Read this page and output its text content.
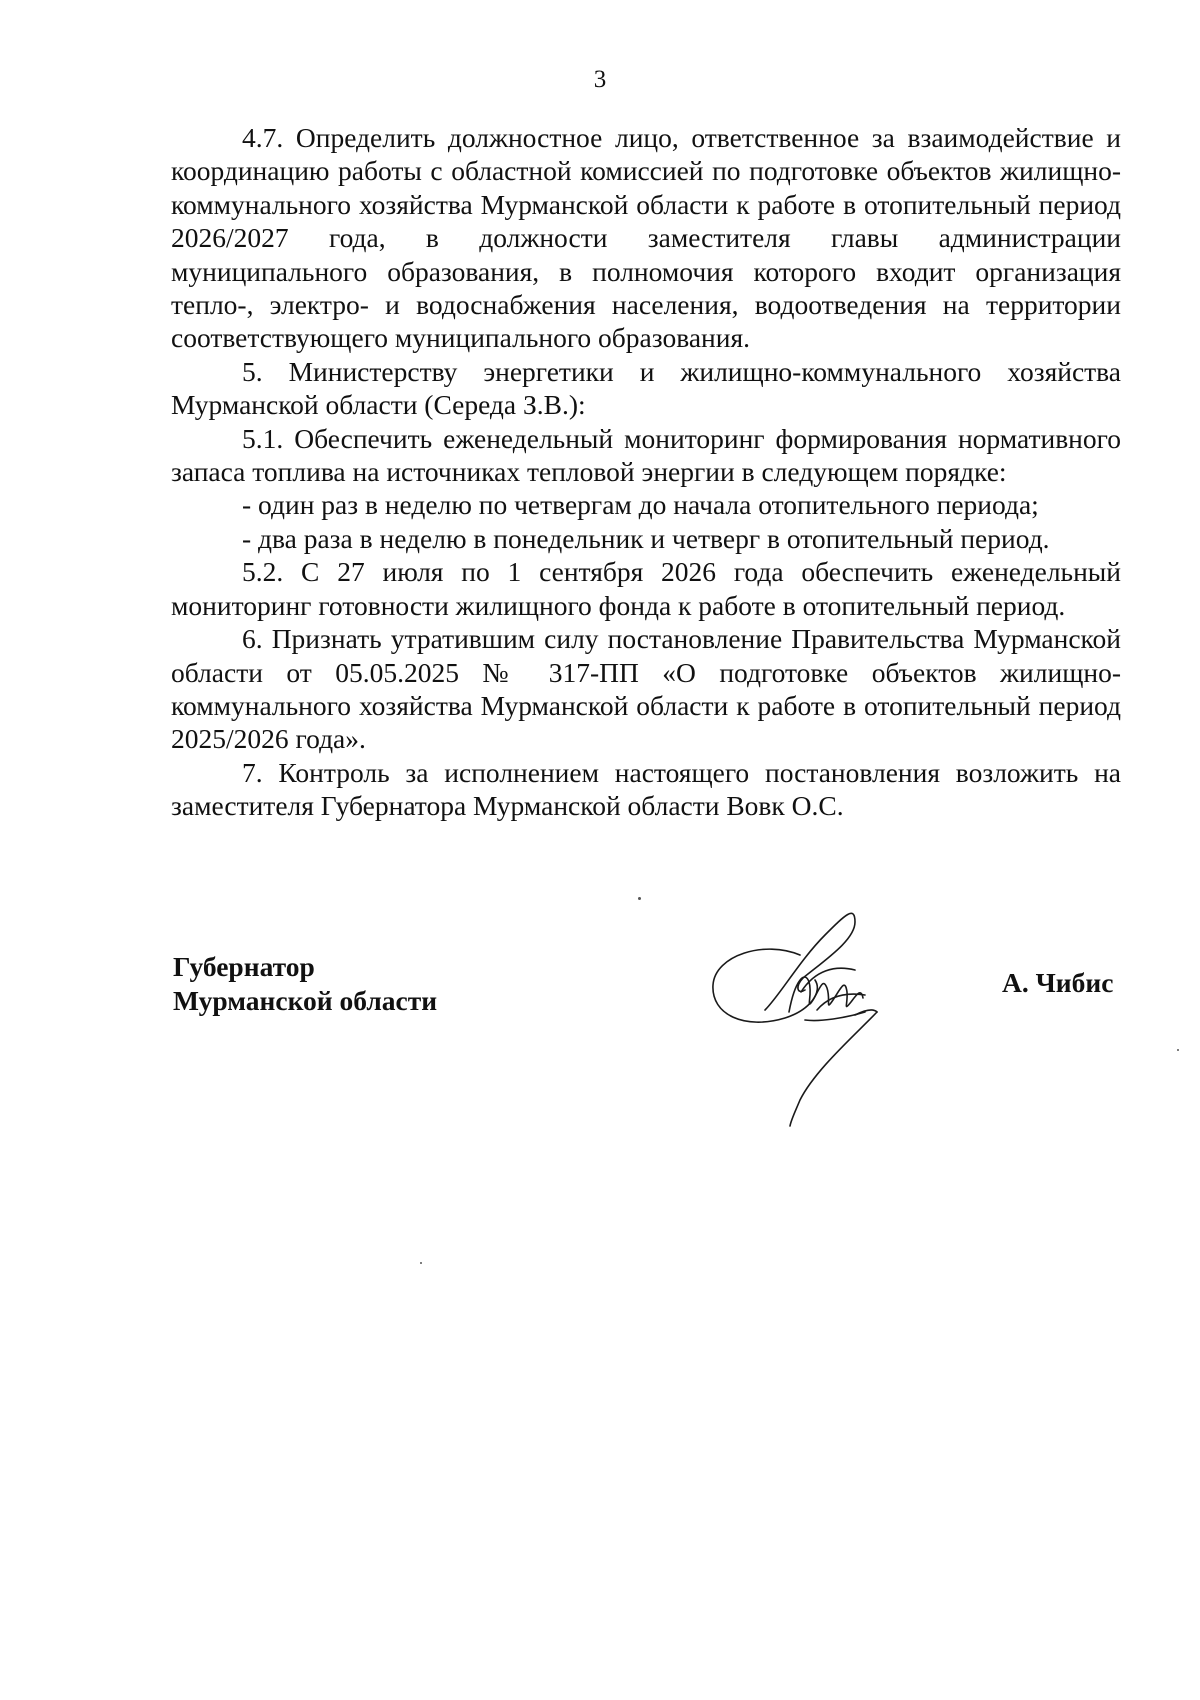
3

4.7. Определить должностное лицо, ответственное за взаимодействие и координацию работы с областной комиссией по подготовке объектов жилищно-коммунального хозяйства Мурманской области к работе в отопительный период 2026/2027 года, в должности заместителя главы администрации муниципального образования, в полномочия которого входит организация тепло-, электро- и водоснабжения населения, водоотведения на территории соответствующего муниципального образования.

5. Министерству энергетики и жилищно-коммунального хозяйства Мурманской области (Середа З.В.):

5.1. Обеспечить еженедельный мониторинг формирования нормативного запаса топлива на источниках тепловой энергии в следующем порядке:

- один раз в неделю по четвергам до начала отопительного периода;

- два раза в неделю в понедельник и четверг в отопительный период.

5.2. С 27 июля по 1 сентября 2026 года обеспечить еженедельный мониторинг готовности жилищного фонда к работе в отопительный период.

6. Признать утратившим силу постановление Правительства Мурманской области от 05.05.2025 № 317-ПП «О подготовке объектов жилищно-коммунального хозяйства Мурманской области к работе в отопительный период 2025/2026 года».

7. Контроль за исполнением настоящего постановления возложить на заместителя Губернатора Мурманской области Вовк О.С.

Губернатор
Мурманской области
А. Чибис
